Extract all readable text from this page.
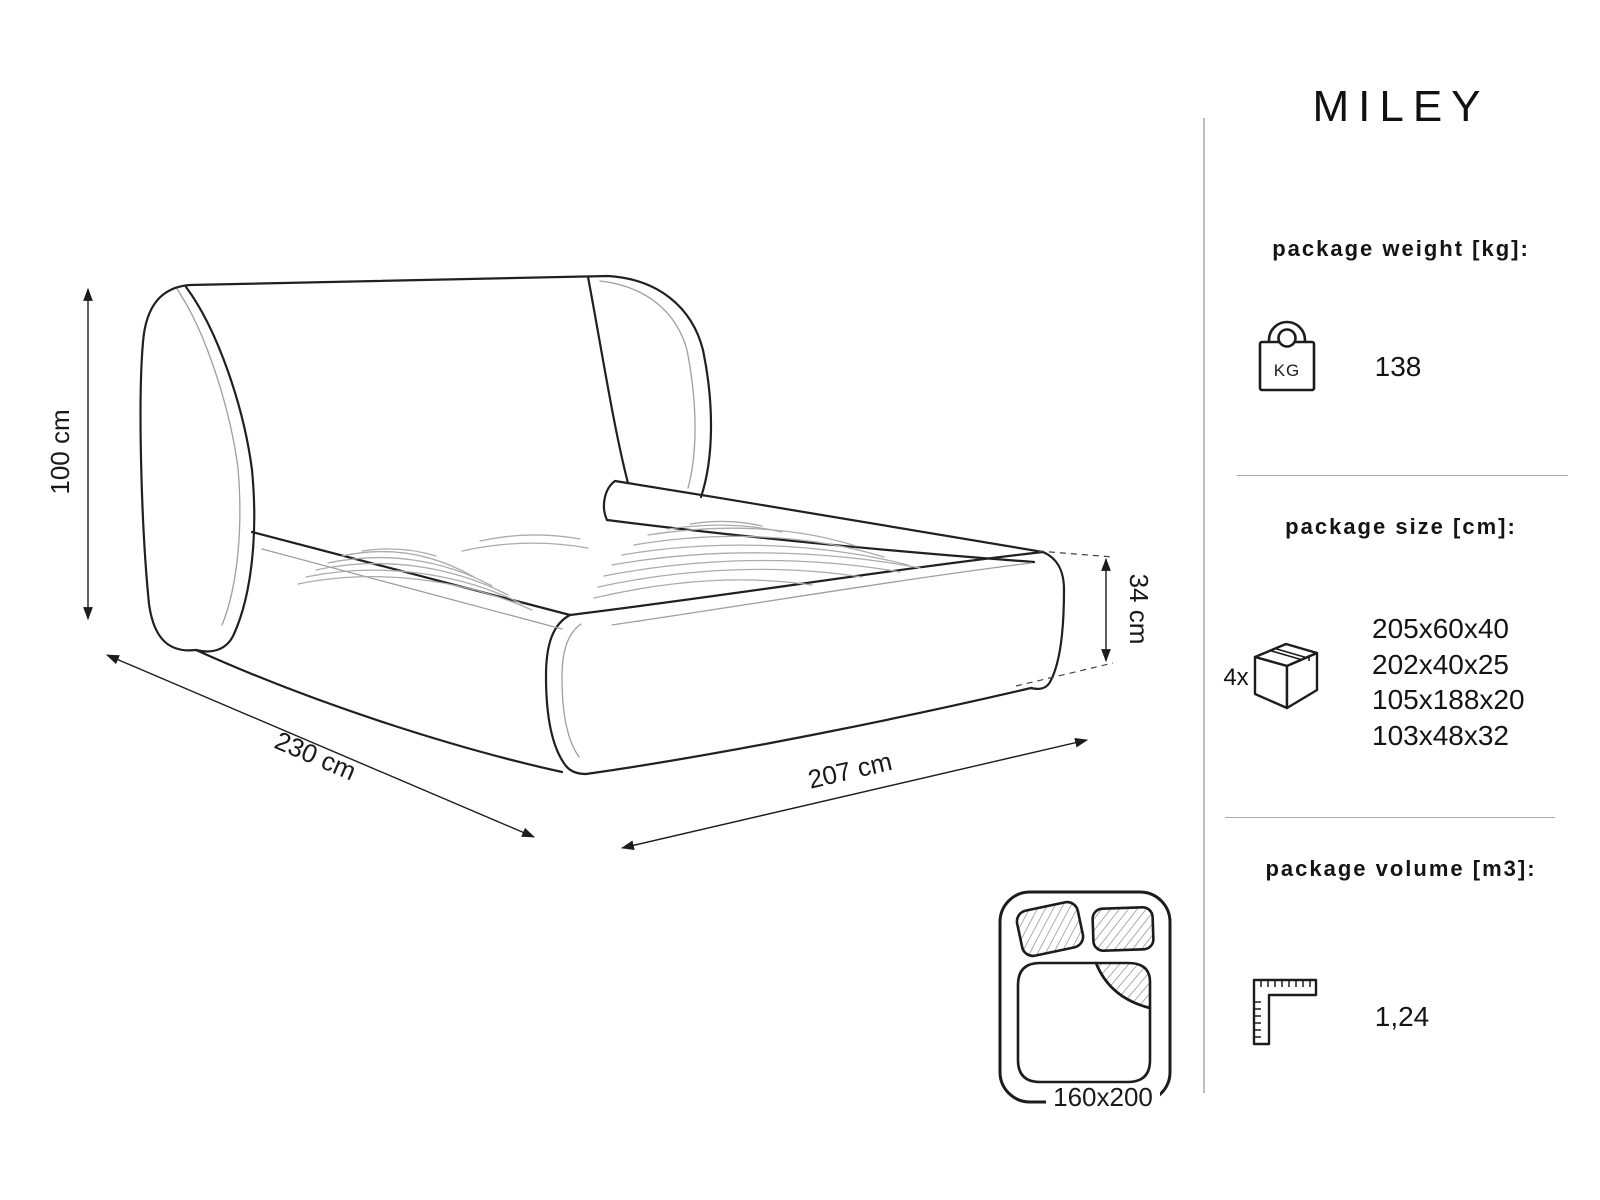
100 cm
230 cm	207 cm
34 cm
160x200
MILEY
package weight [kg]:
KG	138
package size [cm]:
4x
205x60x40
202x40x25
105x188x20
103x48x32
package volume [m3]:
1,24
